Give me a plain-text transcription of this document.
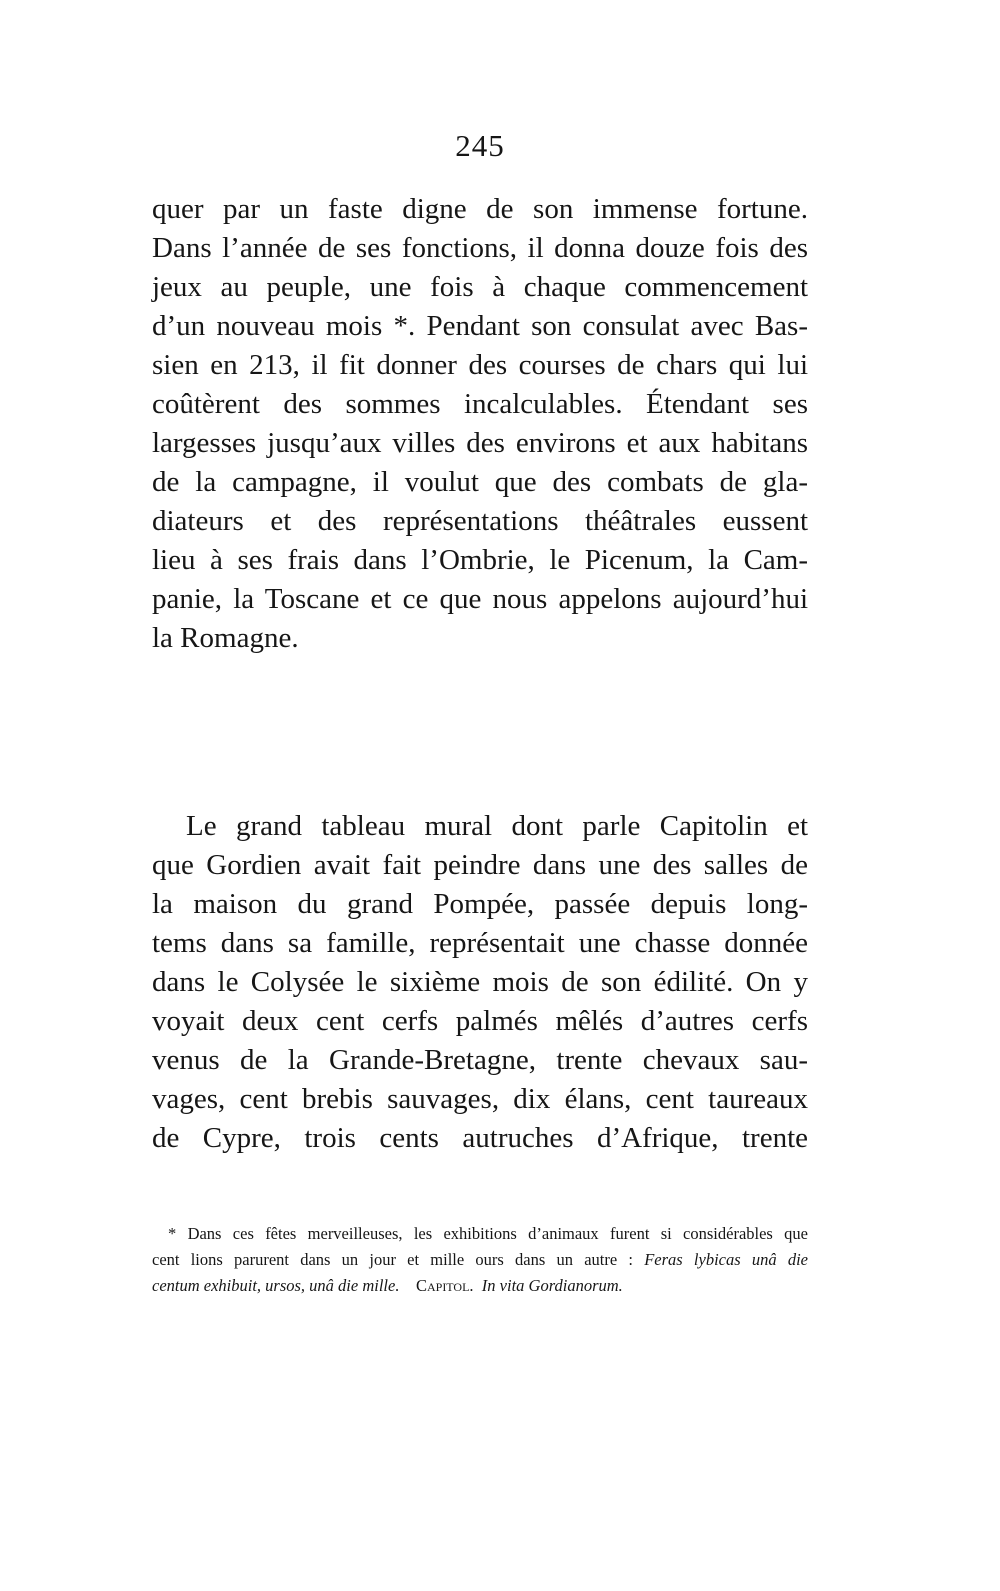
245
quer par un faste digne de son immense fortune.
Dans l’année de ses fonctions, il donna douze fois des
jeux au peuple, une fois à chaque commencement
d’un nouveau mois *. Pendant son consulat avec Bas-
sien en 213, il fit donner des courses de chars qui lui
coûtèrent des sommes incalculables. Étendant ses
largesses jusqu’aux villes des environs et aux habitans
de la campagne, il voulut que des combats de gla-
diateurs et des représentations théâtrales eussent
lieu à ses frais dans l’Ombrie, le Picenum, la Cam-
panie, la Toscane et ce que nous appelons aujourd’hui
la Romagne.
Le grand tableau mural dont parle Capitolin et
que Gordien avait fait peindre dans une des salles de
la maison du grand Pompée, passée depuis long-
tems dans sa famille, représentait une chasse donnée
dans le Colysée le sixième mois de son édilité. On y
voyait deux cent cerfs palmés mêlés d’autres cerfs
venus de la Grande-Bretagne, trente chevaux sau-
vages, cent brebis sauvages, dix élans, cent taureaux
de Cypre, trois cents autruches d’Afrique, trente
* Dans ces fêtes merveilleuses, les exhibitions d’animaux furent si considérables que
cent lions parurent dans un jour et mille ours dans un autre : Feras lybicas unâ die
centum exhibuit, ursos, unâ die mille. Capitol. In vita Gordianorum.
